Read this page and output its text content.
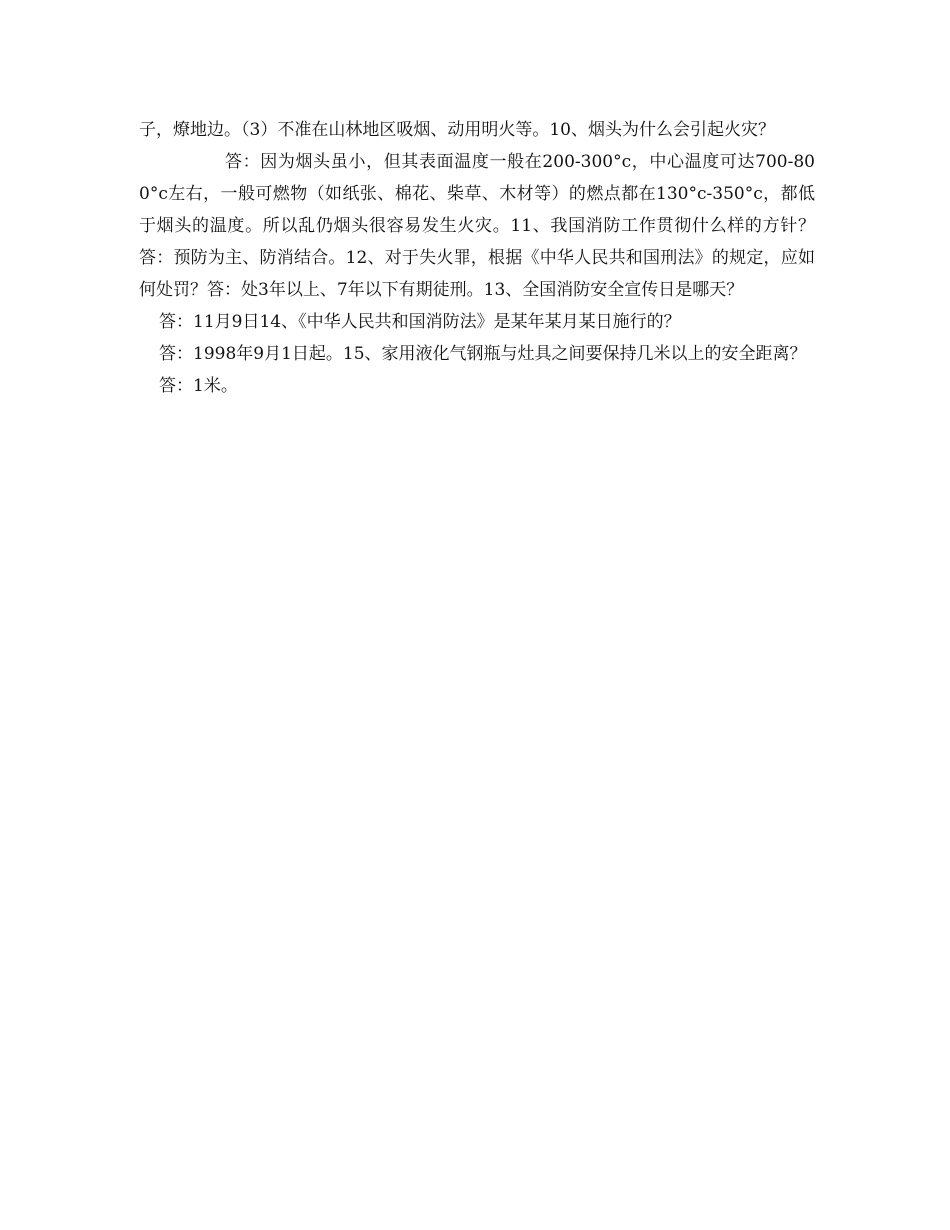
子，燎地边。（3）不准在山林地区吸烟、动用明火等。10、烟头为什么会引起火灾？

答：因为烟头虽小，但其表面温度一般在200-300°c，中心温度可达700-800°c左右，一般可燃物（如纸张、棉花、柴草、木材等）的燃点都在130°c-350°c，都低于烟头的温度。所以乱仍烟头很容易发生火灾。11、我国消防工作贯彻什么样的方针？答：预防为主、防消结合。12、对于失火罪，根据《中华人民共和国刑法》的规定，应如何处罚？答：处3年以上、7年以下有期徒刑。13、全国消防安全宣传日是哪天？

答：11月9日14、《中华人民共和国消防法》是某年某月某日施行的？

答：1998年9月1日起。15、家用液化气钢瓶与灶具之间要保持几米以上的安全距离？

答：1米。
